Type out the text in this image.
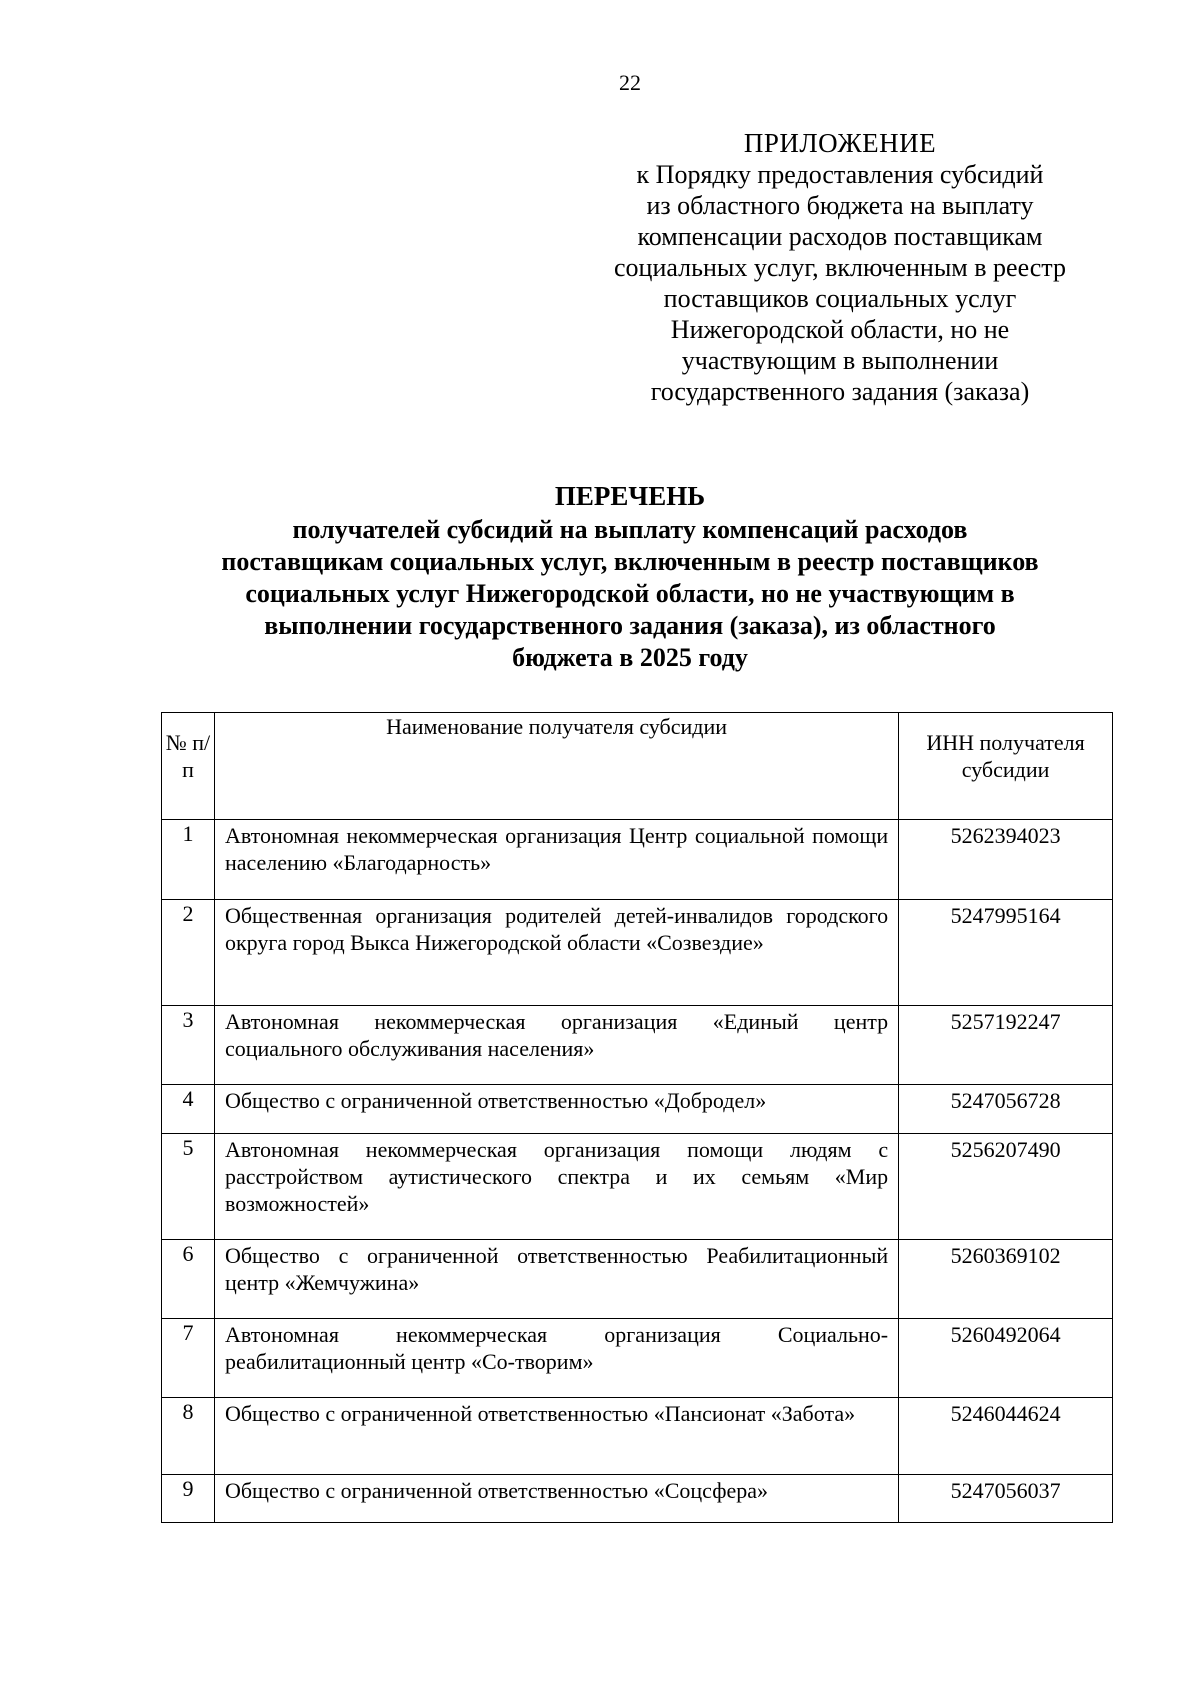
22
ПРИЛОЖЕНИЕ
к Порядку предоставления субсидий
из областного бюджета на выплату
компенсации расходов поставщикам
социальных услуг, включенным в реестр
поставщиков социальных услуг
Нижегородской области, но не
участвующим в выполнении
государственного задания (заказа)
ПЕРЕЧЕНЬ
получателей субсидий на выплату компенсаций расходов
поставщикам социальных услуг, включенным в реестр поставщиков
социальных услуг Нижегородской области, но не участвующим в
выполнении государственного задания (заказа), из областного
бюджета в 2025 году
№ п/п	Наименование получателя субсидии	ИНН получателя субсидии
1	Автономная некоммерческая организация Центр социальной помощи населению «Благодарность»	5262394023
2	Общественная организация родителей детей-инвалидов городского округа город Выкса Нижегородской области «Созвездие»	5247995164
3	Автономная некоммерческая организация «Единый центр социального обслуживания населения»	5257192247
4	Общество с ограниченной ответственностью «Добродел»	5247056728
5	Автономная некоммерческая организация помощи людям с расстройством аутистического спектра и их семьям «Мир возможностей»	5256207490
6	Общество с ограниченной ответственностью Реабилитационный центр «Жемчужина»	5260369102
7	Автономная некоммерческая организация Социально-реабилитационный центр «Со-творим»	5260492064
8	Общество с ограниченной ответственностью «Пансионат «Забота»	5246044624
9	Общество с ограниченной ответственностью «Соцсфера»	5247056037
